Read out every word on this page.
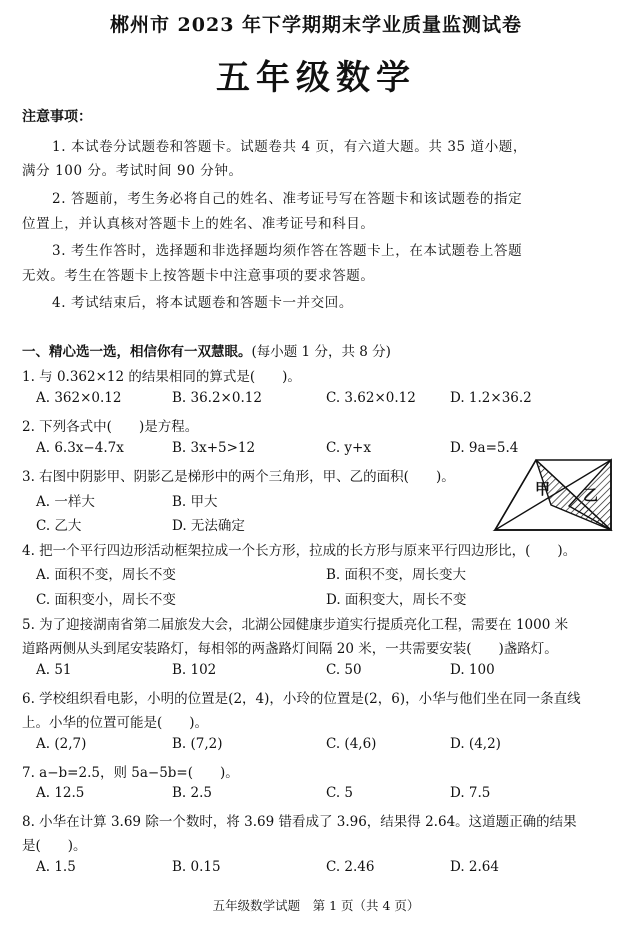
郴州市 2023 年下学期期末学业质量监测试卷
五年级数学
注意事项：
1. 本试卷分试题卷和答题卡。试题卷共 4 页，有六道大题。共 35 道小题，
满分 100 分。考试时间 90 分钟。
2. 答题前，考生务必将自己的姓名、准考证号写在答题卡和该试题卷的指定
位置上，并认真核对答题卡上的姓名、准考证号和科目。
3. 考生作答时，选择题和非选择题均须作答在答题卡上，在本试题卷上答题
无效。考生在答题卡上按答题卡中注意事项的要求答题。
4. 考试结束后，将本试题卷和答题卡一并交回。
一、精心选一选，相信你有一双慧眼。(每小题 1 分，共 8 分)
1. 与 0.362×12 的结果相同的算式是(　　)。
A. 362×0.12	B. 36.2×0.12	C. 3.62×0.12	D. 1.2×36.2
2. 下列各式中(　　)是方程。
A. 6.3x−4.7x	B. 3x+5>12	C. y+x	D. 9a=5.4
3. 右图中阴影甲、阴影乙是梯形中的两个三角形，甲、乙的面积(　　)。
A. 一样大	B. 甲大
C. 乙大	D. 无法确定
甲 乙
4. 把一个平行四边形活动框架拉成一个长方形，拉成的长方形与原来平行四边形比，(　　)。
A. 面积不变，周长不变	B. 面积不变，周长变大
C. 面积变小，周长不变	D. 面积变大，周长不变
5. 为了迎接湖南省第二届旅发大会，北湖公园健康步道实行提质亮化工程，需要在 1000 米
道路两侧从头到尾安装路灯，每相邻的两盏路灯间隔 20 米，一共需要安装(　　)盏路灯。
A. 51	B. 102	C. 50	D. 100
6. 学校组织看电影，小明的位置是(2，4)，小玲的位置是(2，6)，小华与他们坐在同一条直线
上。小华的位置可能是(　　)。
A. (2,7)	B. (7,2)	C. (4,6)	D. (4,2)
7. a−b=2.5，则 5a−5b=(　　)。
A. 12.5	B. 2.5	C. 5	D. 7.5
8. 小华在计算 3.69 除一个数时，将 3.69 错看成了 3.96，结果得 2.64。这道题正确的结果
是(　　)。
A. 1.5	B. 0.15	C. 2.46	D. 2.64
五年级数学试题　第 1 页（共 4 页）
